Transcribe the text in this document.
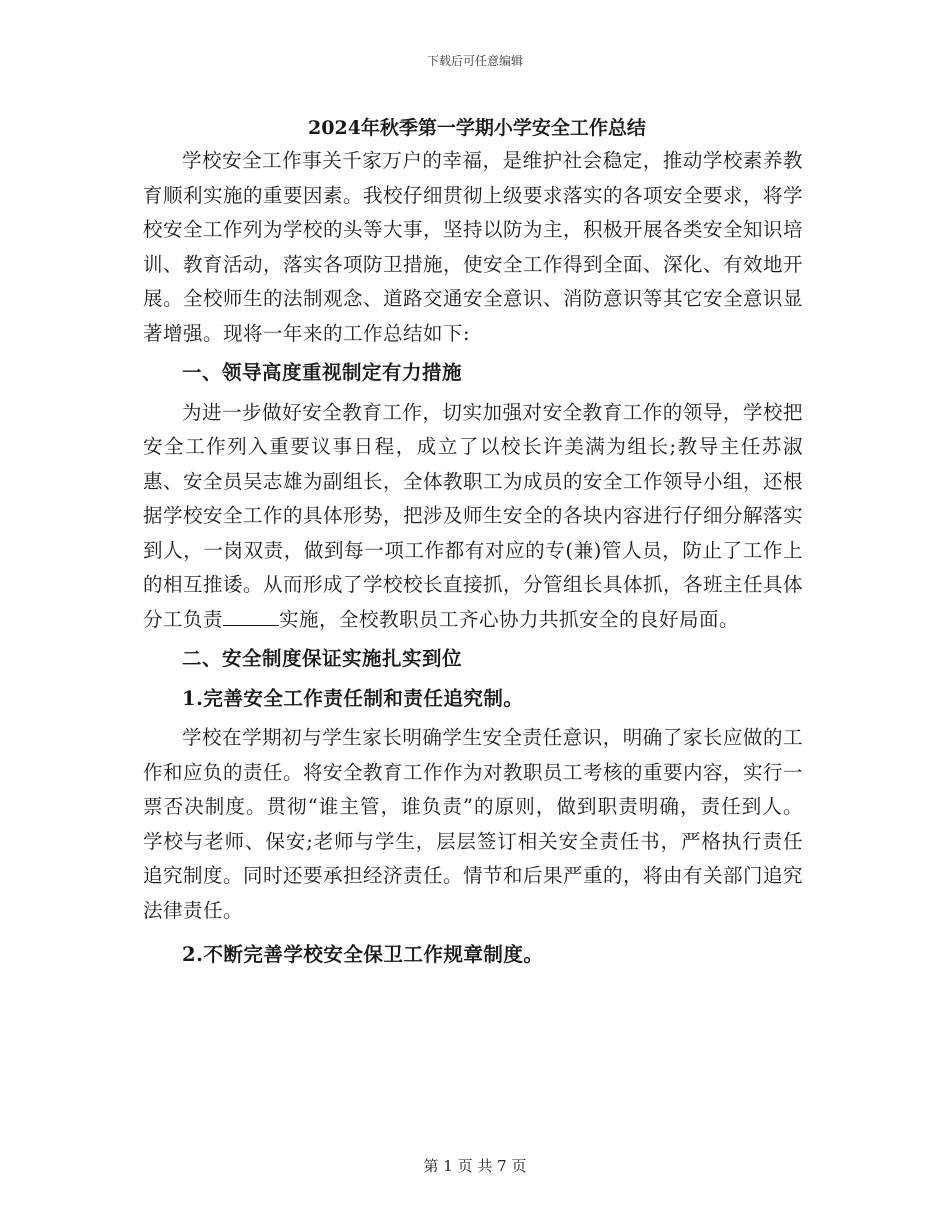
下载后可任意编辑
2024年秋季第一学期小学安全工作总结

学校安全工作事关千家万户的幸福，是维护社会稳定，推动学校素养教育顺利实施的重要因素。我校仔细贯彻上级要求落实的各项安全要求，将学校安全工作列为学校的头等大事，坚持以防为主，积极开展各类安全知识培训、教育活动，落实各项防卫措施，使安全工作得到全面、深化、有效地开展。全校师生的法制观念、道路交通安全意识、消防意识等其它安全意识显著增强。现将一年来的工作总结如下:

一、领导高度重视制定有力措施

为进一步做好安全教育工作，切实加强对安全教育工作的领导，学校把安全工作列入重要议事日程，成立了以校长许美满为组长;教导主任苏淑惠、安全员吴志雄为副组长，全体教职工为成员的安全工作领导小组，还根据学校安全工作的具体形势，把涉及师生安全的各块内容进行仔细分解落实到人，一岗双责，做到每一项工作都有对应的专(兼)管人员，防止了工作上的相互推诿。从而形成了学校校长直接抓，分管组长具体抓，各班主任具体分工负责	实施，全校教职员工齐心协力共抓安全的良好局面。

二、安全制度保证实施扎实到位

1.完善安全工作责任制和责任追究制。

学校在学期初与学生家长明确学生安全责任意识，明确了家长应做的工作和应负的责任。将安全教育工作作为对教职员工考核的重要内容，实行一票否决制度。贯彻“谁主管，谁负责”的原则，做到职责明确，责任到人。学校与老师、保安;老师与学生，层层签订相关安全责任书，严格执行责任追究制度。同时还要承担经济责任。情节和后果严重的，将由有关部门追究法律责任。

2.不断完善学校安全保卫工作规章制度。

第 1 页 共 7 页
